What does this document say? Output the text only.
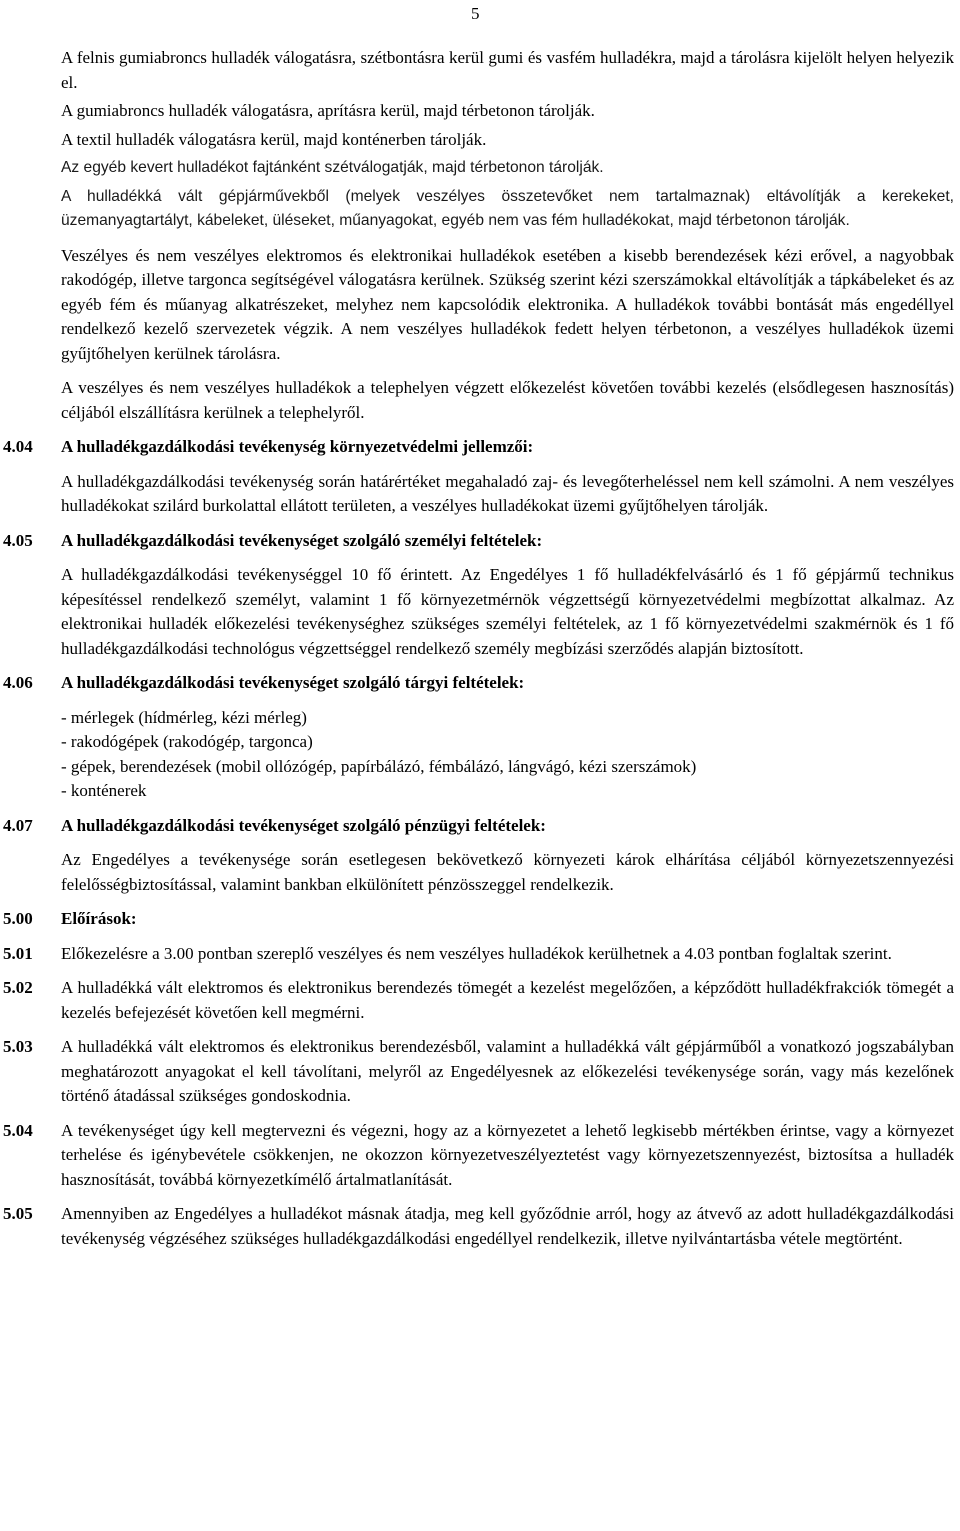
5

A felnis gumiabroncs hulladék válogatásra, szétbontásra kerül gumi és vasfém hulladékra, majd a tárolásra kijelölt helyen helyezik el.

A gumiabroncs hulladék válogatásra, aprításra kerül, majd térbetonon tárolják.

A textil hulladék válogatásra kerül, majd konténerben tárolják.

Az egyéb kevert hulladékot fajtánként szétválogatják, majd térbetonon tárolják.

A hulladékká vált gépjárművekből (melyek veszélyes összetevőket nem tartalmaznak) eltávolítják a kerekeket, üzemanyagtartályt, kábeleket, üléseket, műanyagokat, egyéb nem vas fém hulladékokat, majd térbetonon tárolják.

Veszélyes és nem veszélyes elektromos és elektronikai hulladékok esetében a kisebb berendezések kézi erővel, a nagyobbak rakodógép, illetve targonca segítségével válogatásra kerülnek. Szükség szerint kézi szerszámokkal eltávolítják a tápkábeleket és az egyéb fém és műanyag alkatrészeket, melyhez nem kapcsolódik elektronika. A hulladékok további bontását más engedéllyel rendelkező kezelő szervezetek végzik. A nem veszélyes hulladékok fedett helyen térbetonon, a veszélyes hulladékok üzemi gyűjtőhelyen kerülnek tárolásra.

A veszélyes és nem veszélyes hulladékok a telephelyen végzett előkezelést követően további kezelés (elsődlegesen hasznosítás) céljából elszállításra kerülnek a telephelyről.

4.04	A hulladékgazdálkodási tevékenység környezetvédelmi jellemzői:

A hulladékgazdálkodási tevékenység során határértéket megahaladó zaj- és levegőterheléssel nem kell számolni. A nem veszélyes hulladékokat szilárd burkolattal ellátott területen, a veszélyes hulladékokat üzemi gyűjtőhelyen tárolják.

4.05	A hulladékgazdálkodási tevékenységet szolgáló személyi feltételek:

A hulladékgazdálkodási tevékenységgel 10 fő érintett. Az Engedélyes 1 fő hulladékfelvásárló és 1 fő gépjármű technikus képesítéssel rendelkező személyt, valamint 1 fő környezetmérnök végzettségű környezetvédelmi megbízottat alkalmaz. Az elektronikai hulladék előkezelési tevékenységhez szükséges személyi feltételek, az 1 fő környezetvédelmi szakmérnök és 1 fő hulladékgazdálkodási technológus végzettséggel rendelkező személy megbízási szerződés alapján biztosított.

4.06	A hulladékgazdálkodási tevékenységet szolgáló tárgyi feltételek:
- mérlegek (hídmérleg, kézi mérleg)
- rakodógépek (rakodógép, targonca)
- gépek, berendezések (mobil ollózógép, papírbálázó, fémbálázó, lángvágó, kézi szerszámok)
- konténerek
4.07	A hulladékgazdálkodási tevékenységet szolgáló pénzügyi feltételek:

Az Engedélyes a tevékenysége során esetlegesen bekövetkező környezeti károk elhárítása céljából környezetszennyezési felelősségbiztosítással, valamint bankban elkülönített pénzösszeggel rendelkezik.

5.00	Előírások:
5.01	Előkezelésre a 3.00 pontban szereplő veszélyes és nem veszélyes hulladékok kerülhetnek a 4.03 pontban foglaltak szerint.
5.02	A hulladékká vált elektromos és elektronikus berendezés tömegét a kezelést megelőzően, a képződött hulladékfrakciók tömegét a kezelés befejezését követően kell megmérni.
5.03	A hulladékká vált elektromos és elektronikus berendezésből, valamint a hulladékká vált gépjárműből a vonatkozó jogszabályban meghatározott anyagokat el kell távolítani, melyről az Engedélyesnek az előkezelési tevékenysége során, vagy más kezelőnek történő átadással szükséges gondoskodnia.
5.04	A tevékenységet úgy kell megtervezni és végezni, hogy az a környezetet a lehető legkisebb mértékben érintse, vagy a környezet terhelése és igénybevétele csökkenjen, ne okozzon környezetveszélyeztetést vagy környezetszennyezést, biztosítsa a hulladék hasznosítását, továbbá környezetkímélő ártalmatlanítását.
5.05	Amennyiben az Engedélyes a hulladékot másnak átadja, meg kell győződnie arról, hogy az átvevő az adott hulladékgazdálkodási tevékenység végzéséhez szükséges hulladékgazdálkodási engedéllyel rendelkezik, illetve nyilvántartásba vétele megtörtént.
